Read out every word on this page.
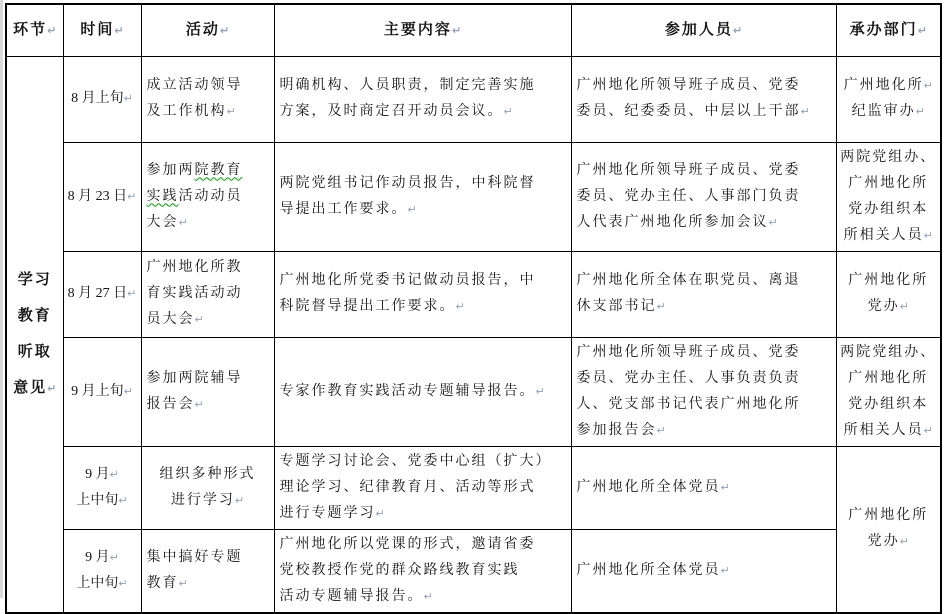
环节↵	时间↵	活动↵	主要内容↵	参加人员↵	承办部门↵
学习
教育
听取
意见↵	8 月上旬↵	成立活动领导
及工作机构↵	明确机构、人员职责，制定完善实施
方案，及时商定召开动员会议。↵	广州地化所领导班子成员、党委
委员、纪委委员、中层以上干部↵	广州地化所↵
纪监审办↵
	8 月 23 日↵	参加两院教育
实践活动动员
大会↵	两院党组书记作动员报告，中科院督
导提出工作要求。↵	广州地化所领导班子成员、党委
委员、党办主任、人事部门负责
人代表广州地化所参加会议↵	两院党组办、
广州地化所
党办组织本
所相关人员↵
	8 月 27 日↵	广州地化所教
育实践活动动
员大会↵	广州地化所党委书记做动员报告，中
科院督导提出工作要求。↵	广州地化所全体在职党员、离退
休支部书记↵	广州地化所
党办↵
	9 月上旬↵	参加两院辅导
报告会↵	专家作教育实践活动专题辅导报告。↵	广州地化所领导班子成员、党委
委员、党办主任、人事负责负责
人、党支部书记代表广州地化所
参加报告会↵	两院党组办、
广州地化所
党办组织本
所相关人员↵
	9 月↵
上中旬↵	组织多种形式
进行学习↵	专题学习讨论会、党委中心组（扩大）
理论学习、纪律教育月、活动等形式
进行专题学习↵	广州地化所全体党员↵	广州地化所
党办↵
	9 月↵
上中旬↵	集中搞好专题
教育↵	广州地化所以党课的形式，邀请省委
党校教授作党的群众路线教育实践
活动专题辅导报告。↵	广州地化所全体党员↵	
